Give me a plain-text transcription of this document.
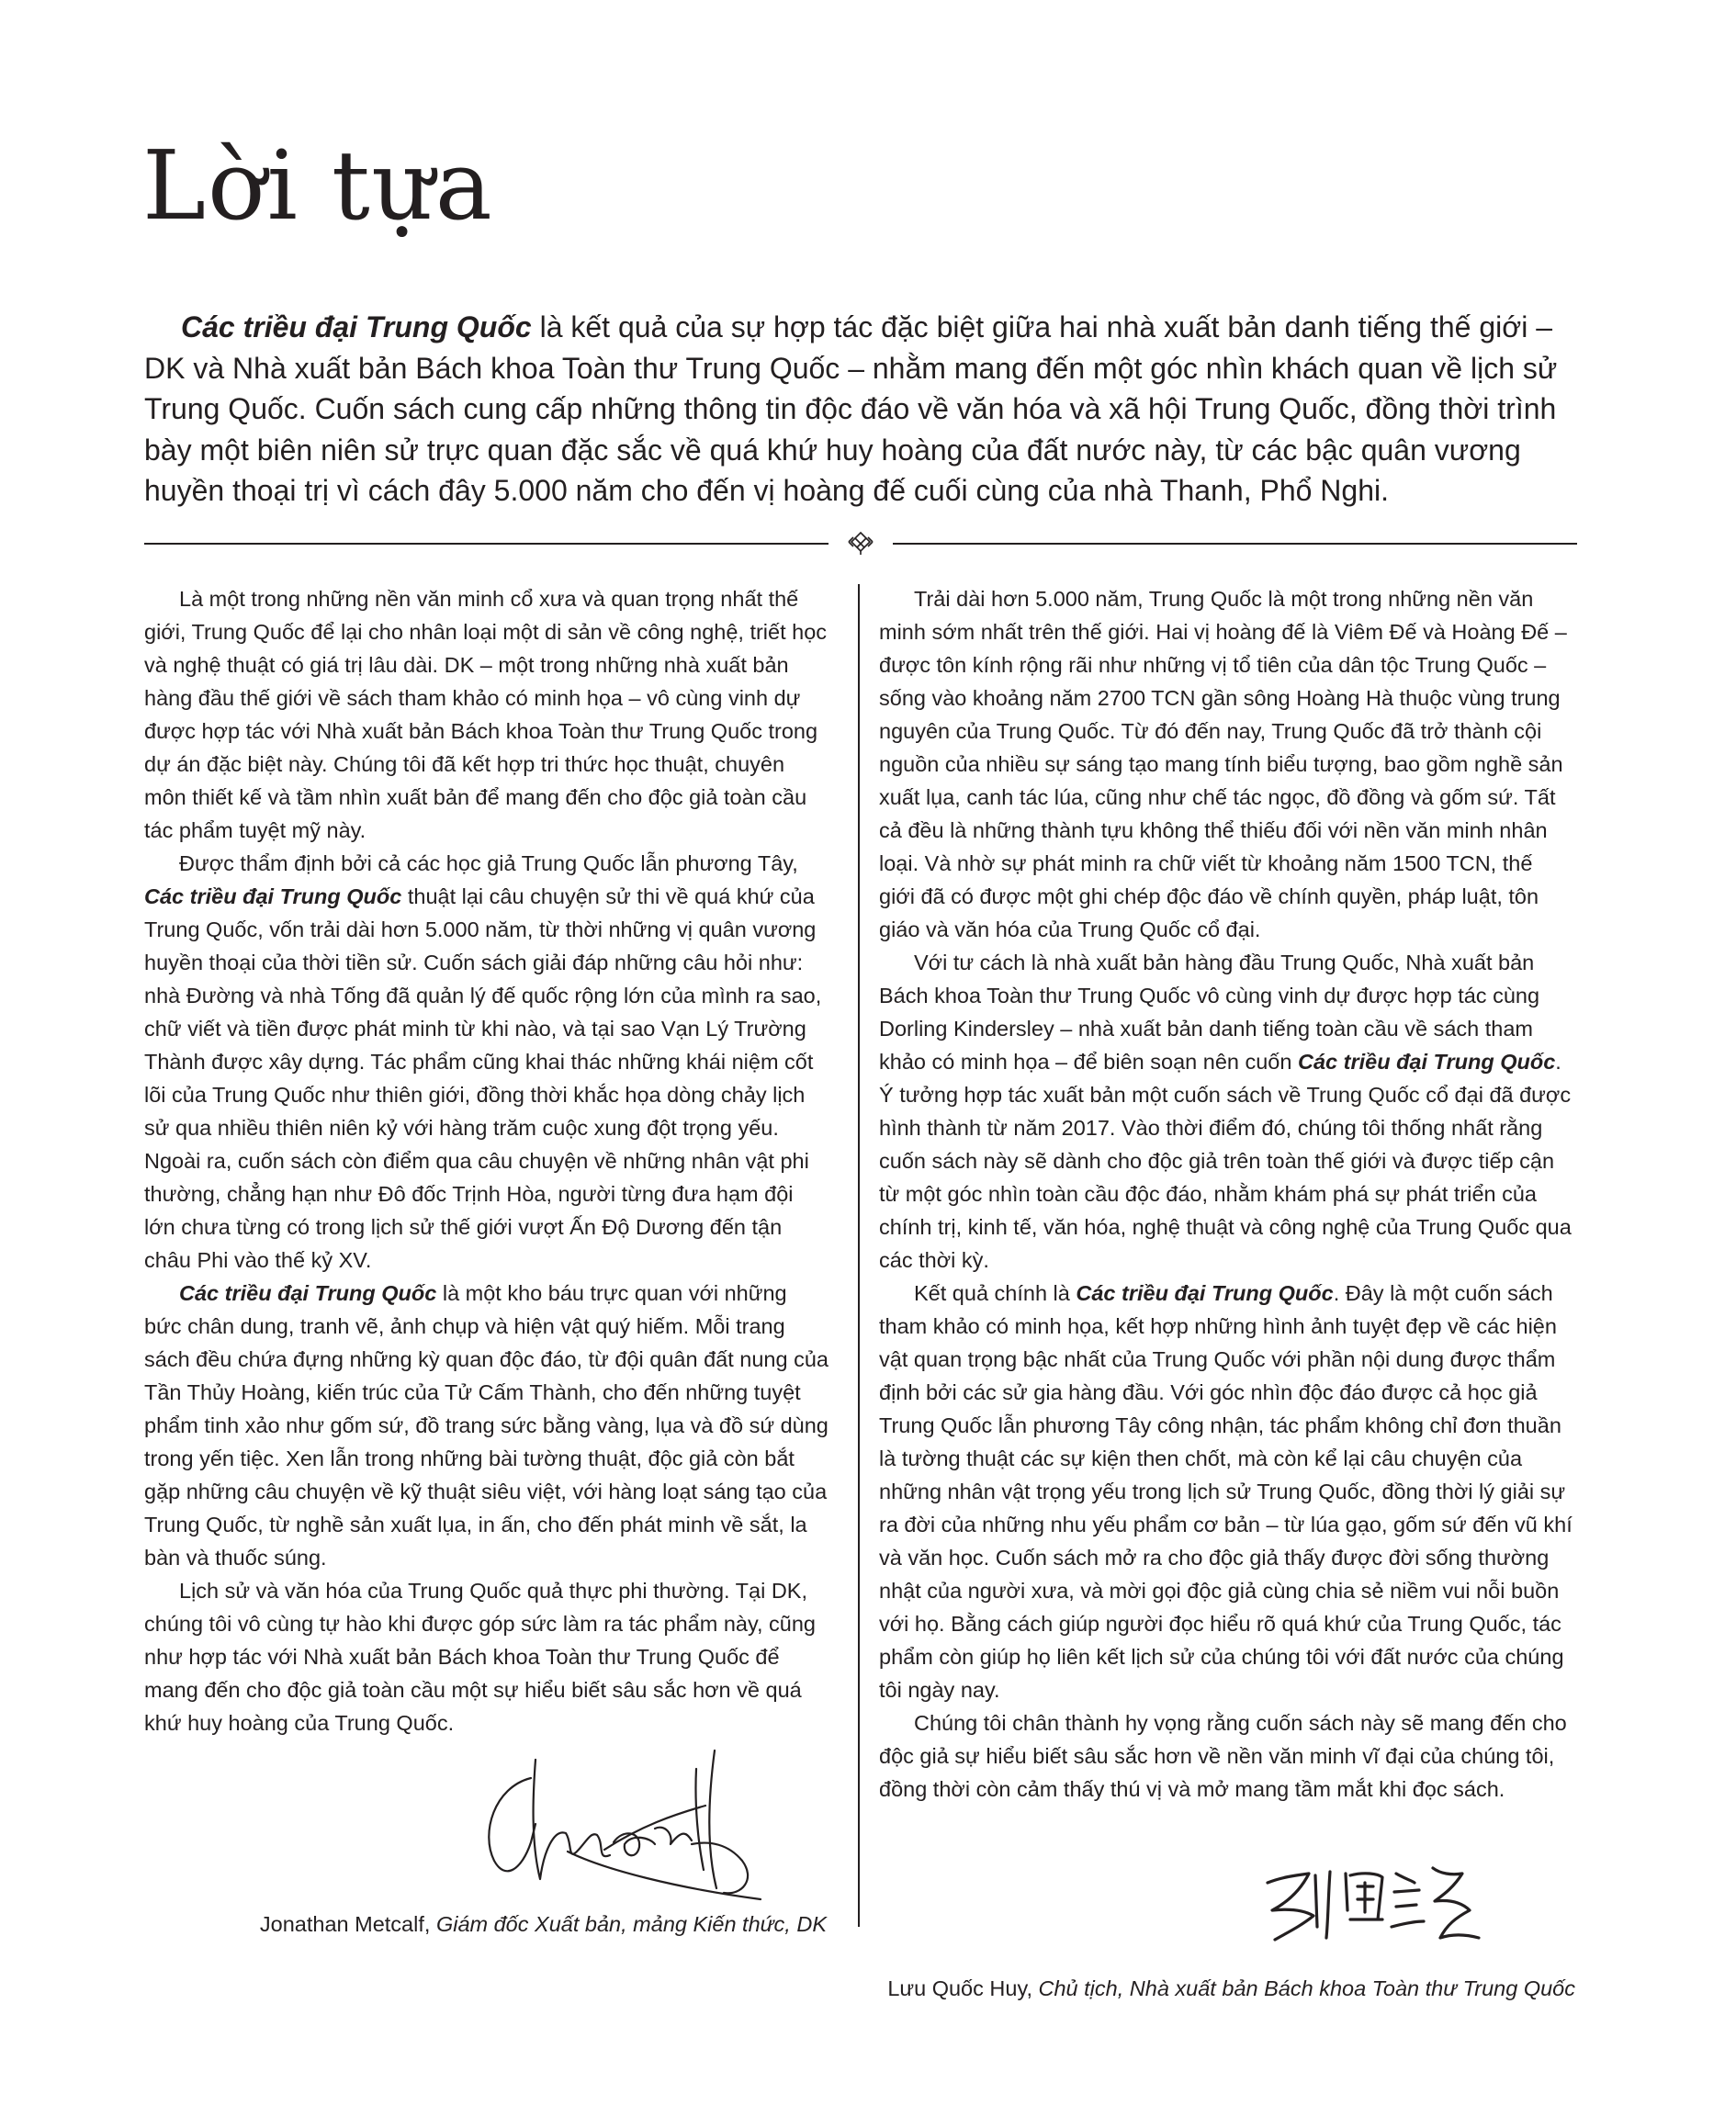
Lời tựa

Các triều đại Trung Quốc là kết quả của sự hợp tác đặc biệt giữa hai nhà xuất bản danh tiếng thế giới – DK và Nhà xuất bản Bách khoa Toàn thư Trung Quốc – nhằm mang đến một góc nhìn khách quan về lịch sử Trung Quốc. Cuốn sách cung cấp những thông tin độc đáo về văn hóa và xã hội Trung Quốc, đồng thời trình bày một biên niên sử trực quan đặc sắc về quá khứ huy hoàng của đất nước này, từ các bậc quân vương huyền thoại trị vì cách đây 5.000 năm cho đến vị hoàng đế cuối cùng của nhà Thanh, Phổ Nghi.

Là một trong những nền văn minh cổ xưa và quan trọng nhất thế giới, Trung Quốc để lại cho nhân loại một di sản về công nghệ, triết học và nghệ thuật có giá trị lâu dài. DK – một trong những nhà xuất bản hàng đầu thế giới về sách tham khảo có minh họa – vô cùng vinh dự được hợp tác với Nhà xuất bản Bách khoa Toàn thư Trung Quốc trong dự án đặc biệt này. Chúng tôi đã kết hợp tri thức học thuật, chuyên môn thiết kế và tầm nhìn xuất bản để mang đến cho độc giả toàn cầu tác phẩm tuyệt mỹ này.

Được thẩm định bởi cả các học giả Trung Quốc lẫn phương Tây, Các triều đại Trung Quốc thuật lại câu chuyện sử thi về quá khứ của Trung Quốc, vốn trải dài hơn 5.000 năm, từ thời những vị quân vương huyền thoại của thời tiền sử. Cuốn sách giải đáp những câu hỏi như: nhà Đường và nhà Tống đã quản lý đế quốc rộng lớn của mình ra sao, chữ viết và tiền được phát minh từ khi nào, và tại sao Vạn Lý Trường Thành được xây dựng. Tác phẩm cũng khai thác những khái niệm cốt lõi của Trung Quốc như thiên giới, đồng thời khắc họa dòng chảy lịch sử qua nhiều thiên niên kỷ với hàng trăm cuộc xung đột trọng yếu. Ngoài ra, cuốn sách còn điểm qua câu chuyện về những nhân vật phi thường, chẳng hạn như Đô đốc Trịnh Hòa, người từng đưa hạm đội lớn chưa từng có trong lịch sử thế giới vượt Ấn Độ Dương đến tận châu Phi vào thế kỷ XV.

Các triều đại Trung Quốc là một kho báu trực quan với những bức chân dung, tranh vẽ, ảnh chụp và hiện vật quý hiếm. Mỗi trang sách đều chứa đựng những kỳ quan độc đáo, từ đội quân đất nung của Tần Thủy Hoàng, kiến trúc của Tử Cấm Thành, cho đến những tuyệt phẩm tinh xảo như gốm sứ, đồ trang sức bằng vàng, lụa và đồ sứ dùng trong yến tiệc. Xen lẫn trong những bài tường thuật, độc giả còn bắt gặp những câu chuyện về kỹ thuật siêu việt, với hàng loạt sáng tạo của Trung Quốc, từ nghề sản xuất lụa, in ấn, cho đến phát minh về sắt, la bàn và thuốc súng.

Lịch sử và văn hóa của Trung Quốc quả thực phi thường. Tại DK, chúng tôi vô cùng tự hào khi được góp sức làm ra tác phẩm này, cũng như hợp tác với Nhà xuất bản Bách khoa Toàn thư Trung Quốc để mang đến cho độc giả toàn cầu một sự hiểu biết sâu sắc hơn về quá khứ huy hoàng của Trung Quốc.

Jonathan Metcalf, Giám đốc Xuất bản, mảng Kiến thức, DK

Trải dài hơn 5.000 năm, Trung Quốc là một trong những nền văn minh sớm nhất trên thế giới. Hai vị hoàng đế là Viêm Đế và Hoàng Đế – được tôn kính rộng rãi như những vị tổ tiên của dân tộc Trung Quốc – sống vào khoảng năm 2700 TCN gần sông Hoàng Hà thuộc vùng trung nguyên của Trung Quốc. Từ đó đến nay, Trung Quốc đã trở thành cội nguồn của nhiều sự sáng tạo mang tính biểu tượng, bao gồm nghề sản xuất lụa, canh tác lúa, cũng như chế tác ngọc, đồ đồng và gốm sứ. Tất cả đều là những thành tựu không thể thiếu đối với nền văn minh nhân loại. Và nhờ sự phát minh ra chữ viết từ khoảng năm 1500 TCN, thế giới đã có được một ghi chép độc đáo về chính quyền, pháp luật, tôn giáo và văn hóa của Trung Quốc cổ đại.

Với tư cách là nhà xuất bản hàng đầu Trung Quốc, Nhà xuất bản Bách khoa Toàn thư Trung Quốc vô cùng vinh dự được hợp tác cùng Dorling Kindersley – nhà xuất bản danh tiếng toàn cầu về sách tham khảo có minh họa – để biên soạn nên cuốn Các triều đại Trung Quốc. Ý tưởng hợp tác xuất bản một cuốn sách về Trung Quốc cổ đại đã được hình thành từ năm 2017. Vào thời điểm đó, chúng tôi thống nhất rằng cuốn sách này sẽ dành cho độc giả trên toàn thế giới và được tiếp cận từ một góc nhìn toàn cầu độc đáo, nhằm khám phá sự phát triển của chính trị, kinh tế, văn hóa, nghệ thuật và công nghệ của Trung Quốc qua các thời kỳ.

Kết quả chính là Các triều đại Trung Quốc. Đây là một cuốn sách tham khảo có minh họa, kết hợp những hình ảnh tuyệt đẹp về các hiện vật quan trọng bậc nhất của Trung Quốc với phần nội dung được thẩm định bởi các sử gia hàng đầu. Với góc nhìn độc đáo được cả học giả Trung Quốc lẫn phương Tây công nhận, tác phẩm không chỉ đơn thuần là tường thuật các sự kiện then chốt, mà còn kể lại câu chuyện của những nhân vật trọng yếu trong lịch sử Trung Quốc, đồng thời lý giải sự ra đời của những nhu yếu phẩm cơ bản – từ lúa gạo, gốm sứ đến vũ khí và văn học. Cuốn sách mở ra cho độc giả thấy được đời sống thường nhật của người xưa, và mời gọi độc giả cùng chia sẻ niềm vui nỗi buồn với họ. Bằng cách giúp người đọc hiểu rõ quá khứ của Trung Quốc, tác phẩm còn giúp họ liên kết lịch sử của chúng tôi với đất nước của chúng tôi ngày nay.

Chúng tôi chân thành hy vọng rằng cuốn sách này sẽ mang đến cho độc giả sự hiểu biết sâu sắc hơn về nền văn minh vĩ đại của chúng tôi, đồng thời còn cảm thấy thú vị và mở mang tầm mắt khi đọc sách.

Lưu Quốc Huy, Chủ tịch, Nhà xuất bản Bách khoa Toàn thư Trung Quốc
